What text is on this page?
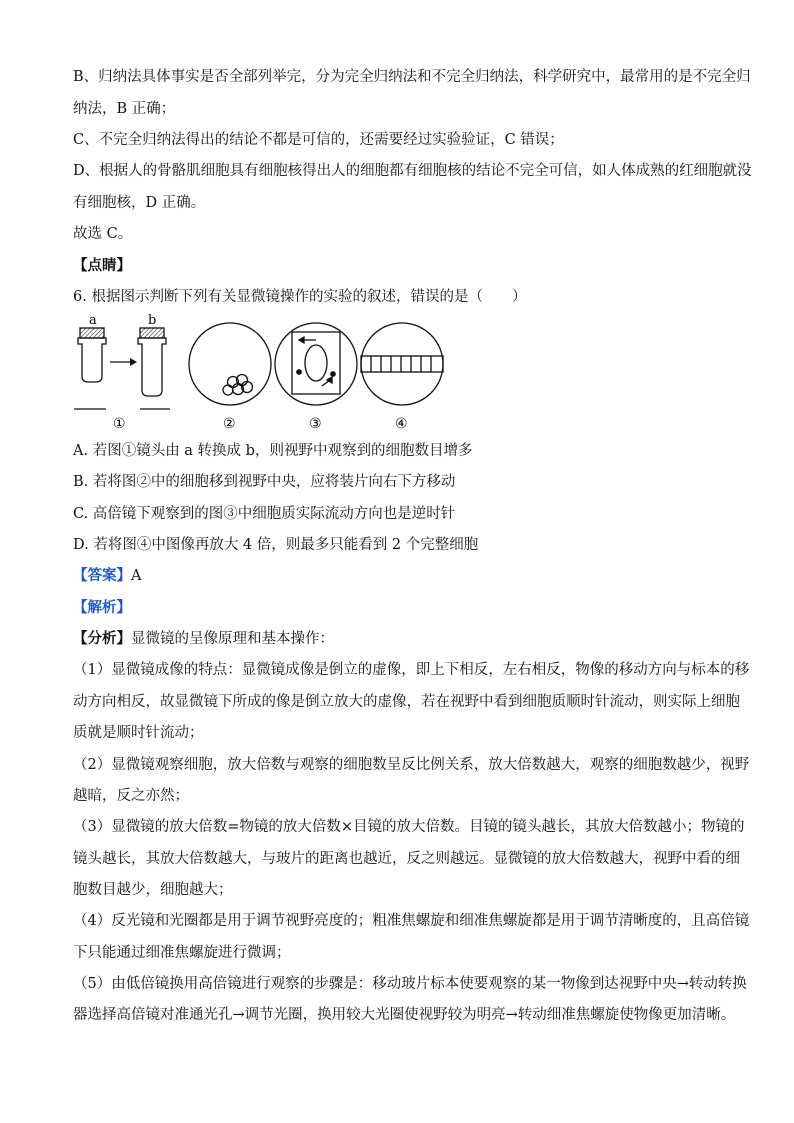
B、归纳法具体事实是否全部列举完，分为完全归纳法和不完全归纳法，科学研究中，最常用的是不完全归
纳法，B 正确；
C、不完全归纳法得出的结论不都是可信的，还需要经过实验验证，C 错误；
D、根据人的骨骼肌细胞具有细胞核得出人的细胞都有细胞核的结论不完全可信，如人体成熟的红细胞就没
有细胞核，D 正确。
故选 C。
【点睛】
6. 根据图示判断下列有关显微镜操作的实验的叙述，错误的是（　　）
a	b
①	②	③	④
A. 若图①镜头由 a 转换成 b，则视野中观察到的细胞数目增多
B. 若将图②中的细胞移到视野中央，应将装片向右下方移动
C. 高倍镜下观察到的图③中细胞质实际流动方向也是逆时针
D. 若将图④中图像再放大 4 倍，则最多只能看到 2 个完整细胞
【答案】A
【解析】
【分析】显微镜的呈像原理和基本操作：
（1）显微镜成像的特点：显微镜成像是倒立的虚像，即上下相反，左右相反，物像的移动方向与标本的移
动方向相反，故显微镜下所成的像是倒立放大的虚像，若在视野中看到细胞质顺时针流动，则实际上细胞
质就是顺时针流动；
（2）显微镜观察细胞，放大倍数与观察的细胞数呈反比例关系，放大倍数越大，观察的细胞数越少，视野
越暗，反之亦然；
（3）显微镜的放大倍数=物镜的放大倍数×目镜的放大倍数。目镜的镜头越长，其放大倍数越小；物镜的
镜头越长，其放大倍数越大，与玻片的距离也越近，反之则越远。显微镜的放大倍数越大，视野中看的细
胞数目越少，细胞越大；
（4）反光镜和光圈都是用于调节视野亮度的；粗准焦螺旋和细准焦螺旋都是用于调节清晰度的，且高倍镜
下只能通过细准焦螺旋进行微调；
（5）由低倍镜换用高倍镜进行观察的步骤是：移动玻片标本使要观察的某一物像到达视野中央→转动转换
器选择高倍镜对准通光孔→调节光圈，换用较大光圈使视野较为明亮→转动细准焦螺旋使物像更加清晰。
